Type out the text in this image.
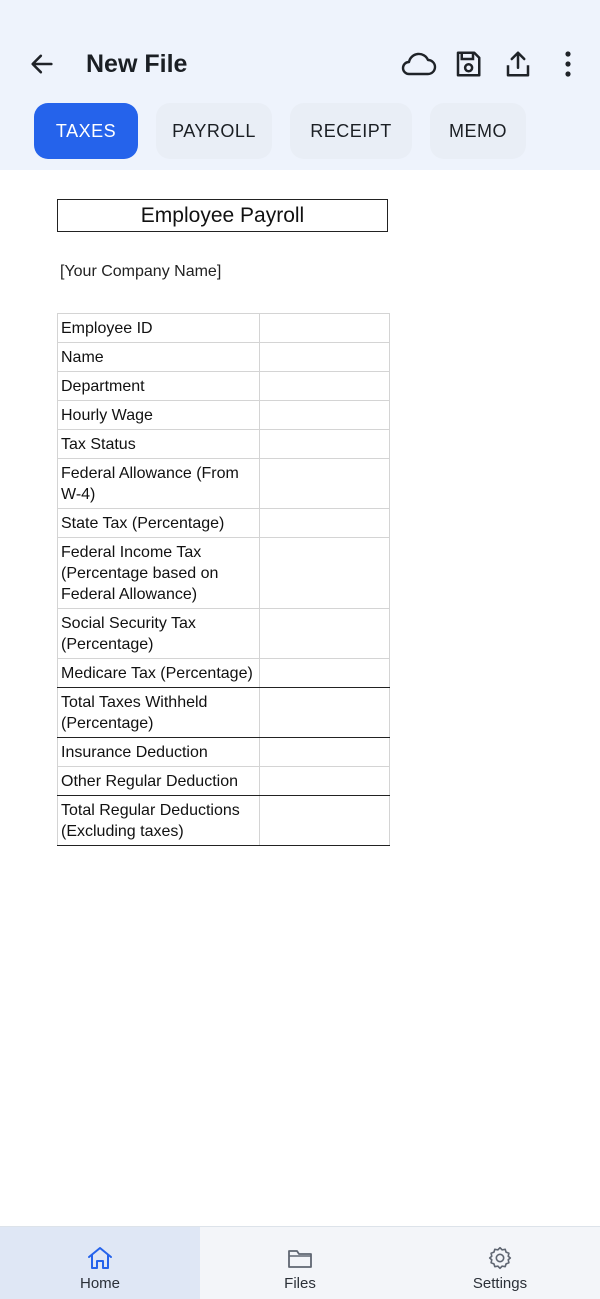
New File
TAXES	PAYROLL	RECEIPT	MEMO
Employee Payroll
[Your Company Name]
Employee ID	
Name	
Department	
Hourly Wage	
Tax Status	
Federal Allowance (From W-4)	
State Tax (Percentage)	
Federal Income Tax (Percentage based on Federal Allowance)	
Social Security Tax (Percentage)	
Medicare Tax (Percentage)	
Total Taxes Withheld (Percentage)	
Insurance Deduction	
Other Regular Deduction	
Total Regular Deductions (Excluding taxes)	
Home	Files	Settings
